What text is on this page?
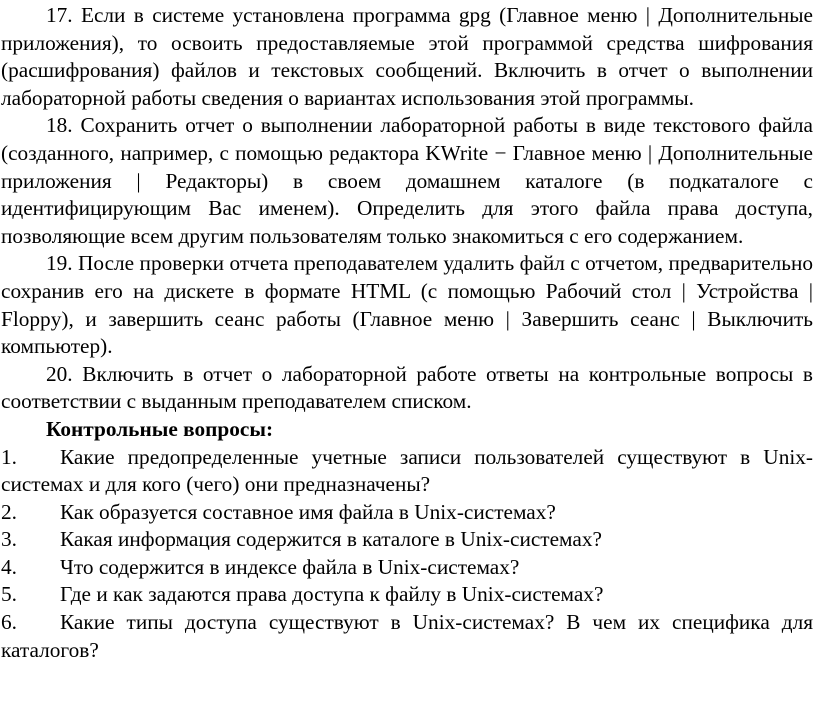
17. Если в системе установлена программа gpg (Главное меню | Дополнительные приложения), то освоить предоставляемые этой программой средства шифрования (расшифрования) файлов и текстовых сообщений. Включить в отчет о выполнении лабораторной работы сведения о вариантах использования этой программы.

18. Сохранить отчет о выполнении лабораторной работы в виде текстового файла (созданного, например, с помощью редактора KWrite − Главное меню | Дополнительные приложения | Редакторы) в своем домашнем каталоге (в подкаталоге с идентифицирующим Вас именем). Определить для этого файла права доступа, позволяющие всем другим пользователям только знакомиться с его содержанием.

19. После проверки отчета преподавателем удалить файл с отчетом, предварительно сохранив его на дискете в формате HTML (с помощью Рабочий стол | Устройства | Floppy), и завершить сеанс работы (Главное меню | Завершить сеанс | Выключить компьютер).

20. Включить в отчет о лабораторной работе ответы на контрольные вопросы в соответствии с выданным преподавателем списком.

Контрольные вопросы:

1. Какие предопределенные учетные записи пользователей существуют в Unix-системах и для кого (чего) они предназначены?

2. Как образуется составное имя файла в Unix-системах?

3. Какая информация содержится в каталоге в Unix-системах?

4. Что содержится в индексе файла в Unix-системах?

5. Где и как задаются права доступа к файлу в Unix-системах?

6. Какие типы доступа существуют в Unix-системах? В чем их специфика для каталогов?
